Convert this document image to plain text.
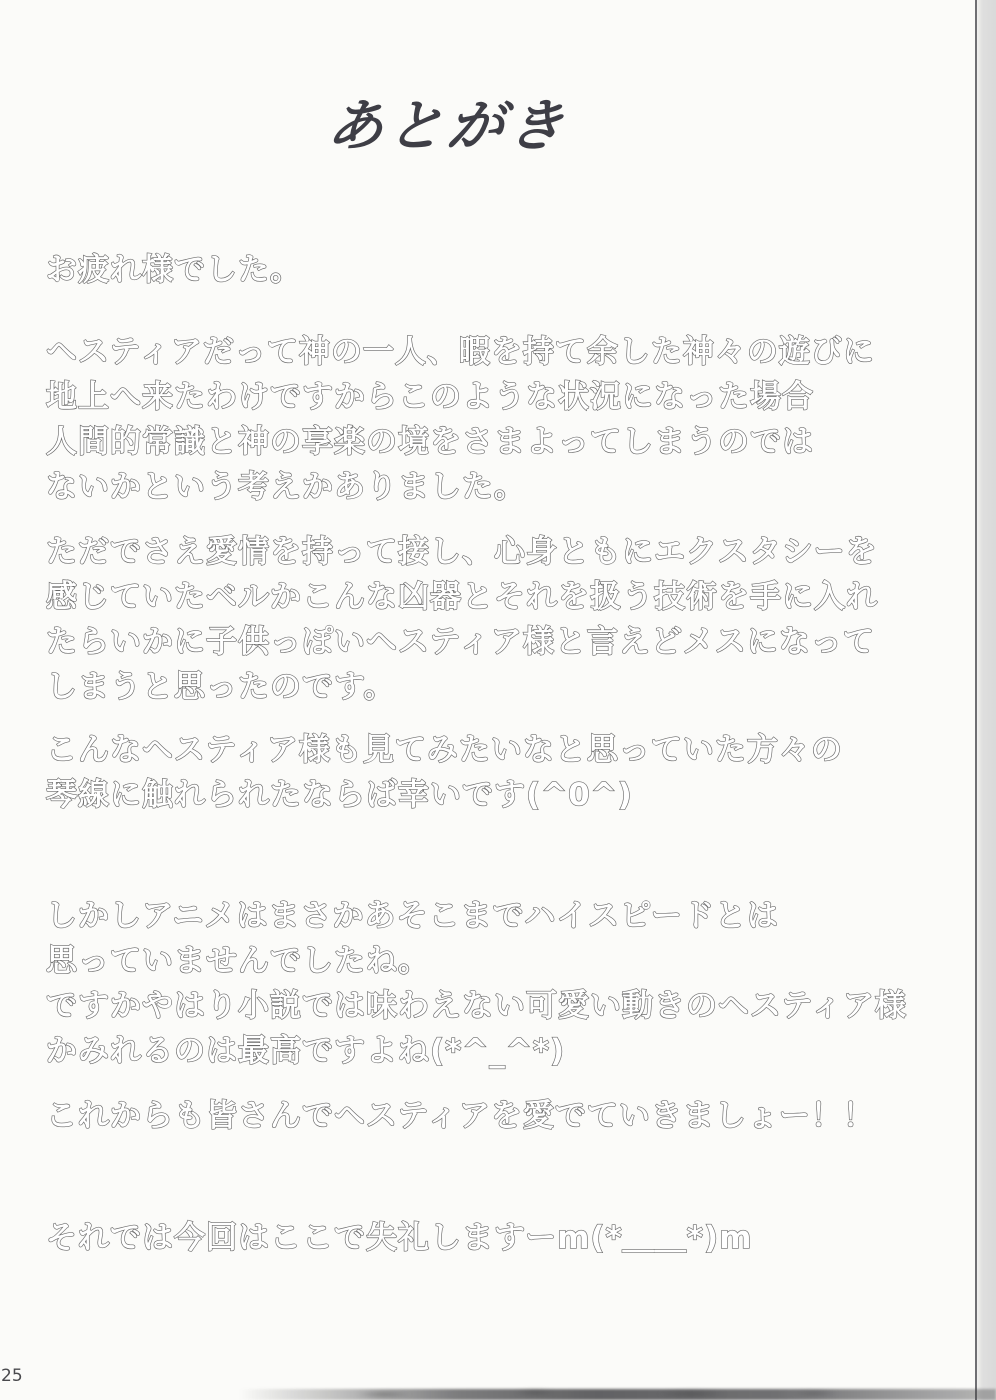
あとがき
お疲れ様でした。
ヘスティアだって神の一人、暇を持て余した神々の遊びに
地上へ来たわけですからこのような状況になった場合
人間的常識と神の享楽の境をさまよってしまうのでは
ないかという考えかありました。
ただでさえ愛情を持って接し、心身ともにエクスタシーを
感じていたベルかこんな凶器とそれを扱う技術を手に入れ
たらいかに子供っぽいヘスティア様と言えどメスになって
しまうと思ったのです。
こんなヘスティア様も見てみたいなと思っていた方々の
琴線に触れられたならば幸いです(^0^)
しかしアニメはまさかあそこまでハイスピードとは
思っていませんでしたね。
ですかやはり小説では味わえない可愛い動きのヘスティア様
かみれるのは最高ですよね(*^_^*)
これからも皆さんでヘスティアを愛でていきましょー！！
それでは今回はここで失礼しますーm(*＿＿*)m
25
